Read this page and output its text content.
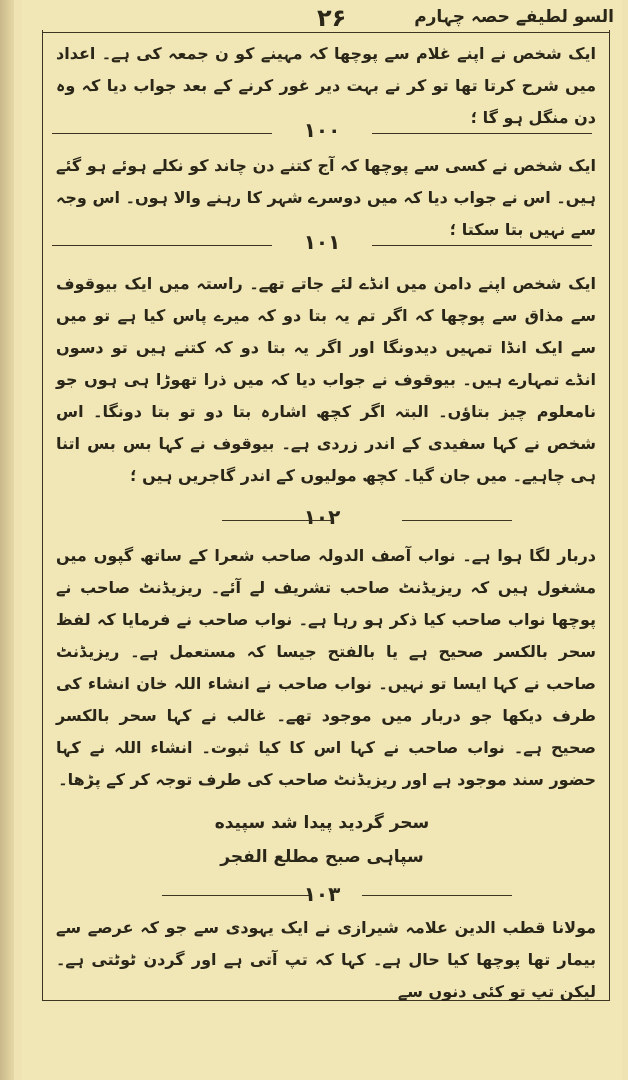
۲۶	السو لطیفے حصہ چہارم
ایک شخص نے اپنے غلام سے پوچھا کہ مہینے کو ن جمعہ کی ہے۔ اعداد میں شرح کرتا تھا تو کر نے بہت دیر غور کرنے کے بعد جواب دیا کہ وہ دن منگل ہو گا ؛
۱۰۰
ایک شخص نے کسی سے پوچھا کہ آج کتنے دن چاند کو نکلے ہوئے ہو گئے ہیں۔ اس نے جواب دیا کہ میں دوسرے شہر کا رہنے والا ہوں۔ اس وجہ سے نہیں بتا سکتا ؛
۱۰۱
ایک شخص اپنے دامن میں انڈے لئے جاتے تھے۔ راستہ میں ایک بیوقوف سے مذاق سے پوچھا کہ اگر تم یہ بتا دو کہ میرے پاس کیا ہے تو میں سے ایک انڈا تمہیں دیدونگا اور اگر یہ بتا دو کہ کتنے ہیں تو دسوں انڈے تمہارے ہیں۔ بیوقوف نے جواب دیا کہ میں ذرا تھوڑا ہی ہوں جو نامعلوم چیز بتاؤں۔ البتہ اگر کچھ اشارہ بتا دو تو بتا دونگا۔ اس شخص نے کہا سفیدی کے اندر زردی ہے۔ بیوقوف نے کہا بس بس اتنا ہی چاہیے۔ میں جان گیا۔ کچھ مولیوں کے اندر گاجریں ہیں ؛
۱۰۲
دربار لگا ہوا ہے۔ نواب آصف الدولہ صاحب شعرا کے ساتھ گپوں میں مشغول ہیں کہ ریزیڈنٹ صاحب تشریف لے آئے۔ ریزیڈنٹ صاحب نے پوچھا نواب صاحب کیا ذکر ہو رہا ہے۔ نواب صاحب نے فرمایا کہ لفظ سحر بالکسر صحیح ہے یا بالفتح جیسا کہ مستعمل ہے۔ ریزیڈنٹ صاحب نے کہا ایسا تو نہیں۔ نواب صاحب نے انشاء اللہ خان انشاء کی طرف دیکھا جو دربار میں موجود تھے۔ غالب نے کہا سحر بالکسر صحیح ہے۔ نواب صاحب نے کہا اس کا کیا ثبوت۔ انشاء اللہ نے کہا حضور سند موجود ہے اور ریزیڈنٹ صاحب کی طرف توجہ کر کے پڑھا۔
سحر گردید پیدا شد سپیده
سپاہی صبح مطلع الفجر
۱۰۳
مولانا قطب الدین علامہ شیرازی نے ایک یہودی سے جو کہ عرصے سے بیمار تھا پوچھا کیا حال ہے۔ کہا کہ تپ آتی ہے اور گردن ٹوٹتی ہے۔ لیکن تپ تو کئی دنوں سے
